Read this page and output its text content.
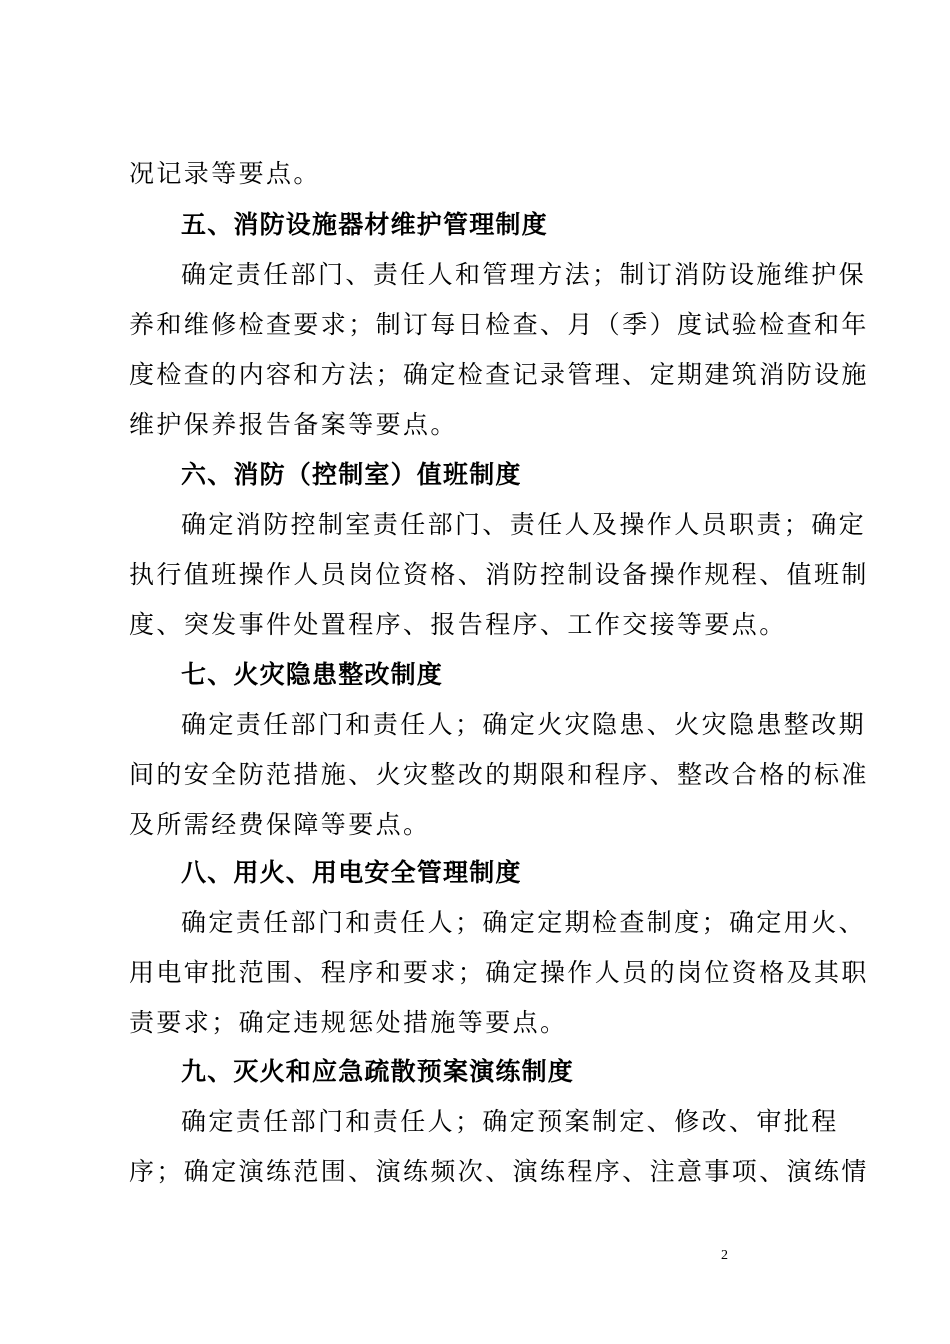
况记录等要点。
五、消防设施器材维护管理制度
确定责任部门、责任人和管理方法；制订消防设施维护保
养和维修检查要求；制订每日检查、月（季）度试验检查和年
度检查的内容和方法；确定检查记录管理、定期建筑消防设施
维护保养报告备案等要点。
六、消防（控制室）值班制度
确定消防控制室责任部门、责任人及操作人员职责；确定
执行值班操作人员岗位资格、消防控制设备操作规程、值班制
度、突发事件处置程序、报告程序、工作交接等要点。
七、火灾隐患整改制度
确定责任部门和责任人；确定火灾隐患、火灾隐患整改期
间的安全防范措施、火灾整改的期限和程序、整改合格的标准
及所需经费保障等要点。
八、用火、用电安全管理制度
确定责任部门和责任人；确定定期检查制度；确定用火、
用电审批范围、程序和要求；确定操作人员的岗位资格及其职
责要求；确定违规惩处措施等要点。
九、灭火和应急疏散预案演练制度
确定责任部门和责任人；确定预案制定、修改、审批程
序；确定演练范围、演练频次、演练程序、注意事项、演练情
2
